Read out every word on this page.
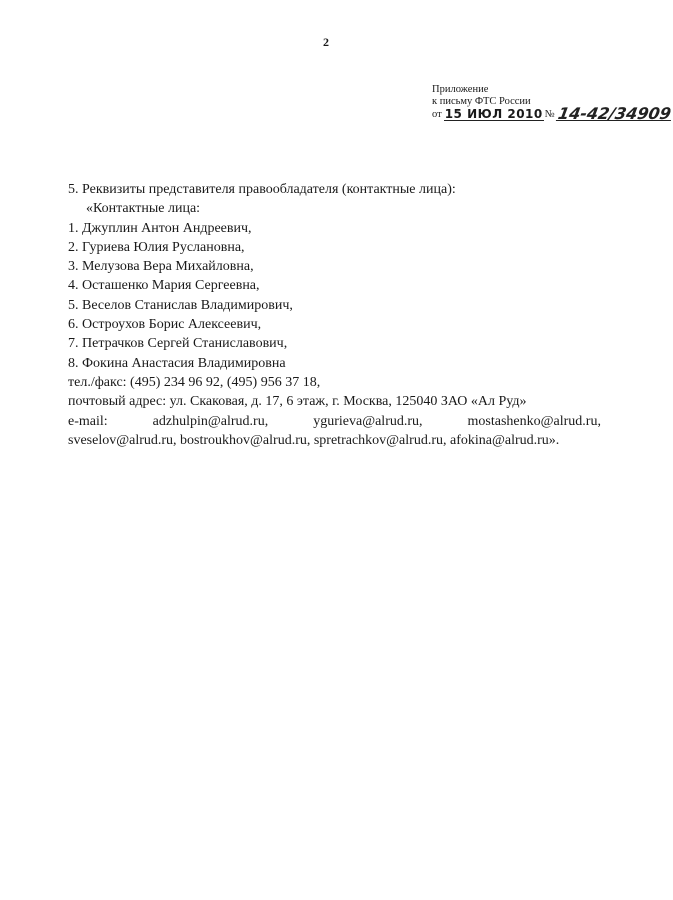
2
Приложение
к письму ФТС России
от 15 ИЮЛ 2010 № 14-42/34909
5. Реквизиты представителя правообладателя (контактные лица):
«Контактные лица:
1. Джуплин Антон Андреевич,
2. Гуриева Юлия Руслановна,
3. Мелузова Вера Михайловна,
4. Осташенко Мария Сергеевна,
5. Веселов Станислав Владимирович,
6. Остроухов Борис Алексеевич,
7. Петрачков Сергей Станиславович,
8. Фокина Анастасия Владимировна
тел./факс: (495) 234 96 92, (495) 956 37 18,
почтовый адрес: ул. Скаковая, д. 17, 6 этаж, г. Москва, 125040 ЗАО «Ал Руд»
e-mail:	adzhulpin@alrud.ru,	ygurieva@alrud.ru,	mostashenko@alrud.ru,
sveselov@alrud.ru, bostroukhov@alrud.ru, spretrachkov@alrud.ru, afokina@alrud.ru».
